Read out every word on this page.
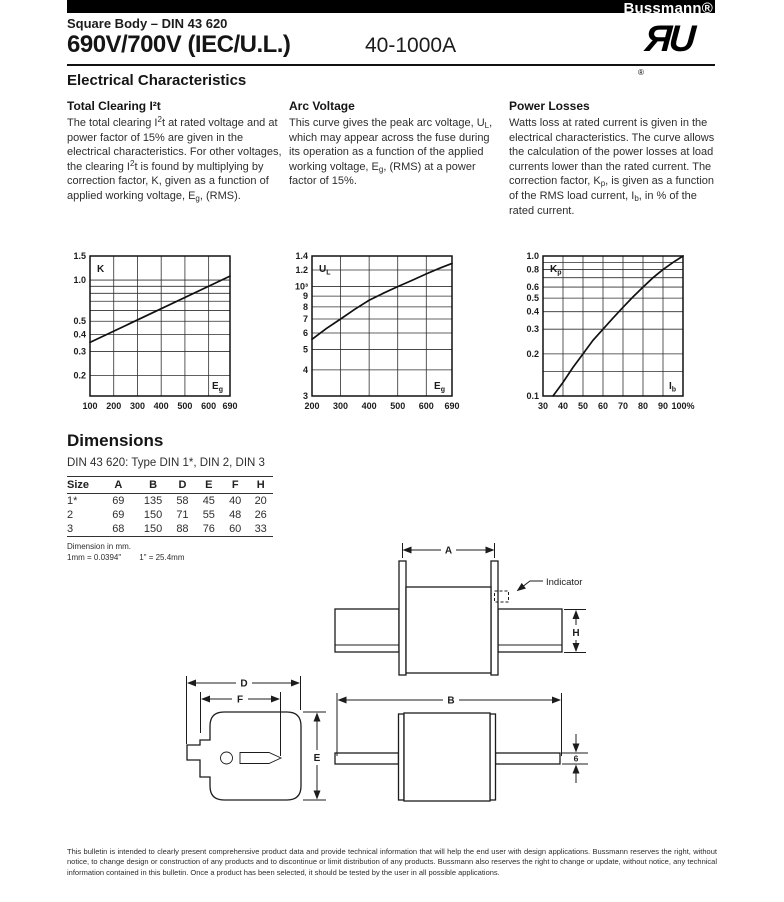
Bussmann®
Square Body – DIN 43 620
690V/700V (IEC/U.L.)	40-1000A
$_®$ЯU
Electrical Characteristics
Total Clearing I²t

The total clearing $I^2t$ at rated voltage and at power factor of 15% are given in the electrical characteristics. For other voltages, the clearing $I^2t$ is found by multiplying by correction factor, K, given as a function of applied working voltage, $E_g$, (RMS).

Arc Voltage

This curve gives the peak arc voltage, $U_L$, which may appear across the fuse during its operation as a function of the applied working voltage, $E_g$, (RMS) at a power factor of 15%.

Power Losses

Watts loss at rated current is given in the electrical characteristics. The curve allows the calculation of the power losses at load currents lower than the rated current. The correction factor, $K_p$, is given as a function of the RMS load current, $I_b$, in % of the rated current.

1.5
1.0
0.5
0.4
0.3
0.2
100 200 300 400 500 600 690
K
$E_g$
1.4
1.2
10³
9
8
7
6
5
4
3
200 300 400 500 600 690
$U_L$
$E_g$
1.0
0.8
0.6
0.5
0.4
0.3
0.2
0.1
30 40 50 60 70 80 90 100%
$K_p$
$I_b$
Dimensions
DIN 43 620: Type DIN 1*, DIN 2, DIN 3
Size	A	B	D	E	F	H
1*	69	135	58	45	40	20
2	69	150	71	55	48	26
3	68	150	88	76	60	33
Dimension in mm.
1mm = 0.0394" 1" = 25.4mm
A
Indicator
H
B
6
D
F
E

This bulletin is intended to clearly present comprehensive product data and provide technical information that will help the end user with design applications. Bussmann reserves the right, without notice, to change design or construction of any products and to discontinue or limit distribution of any products. Bussmann also reserves the right to change or update, without notice, any technical information contained in this bulletin. Once a product has been selected, it should be tested by the user in all possible applications.
